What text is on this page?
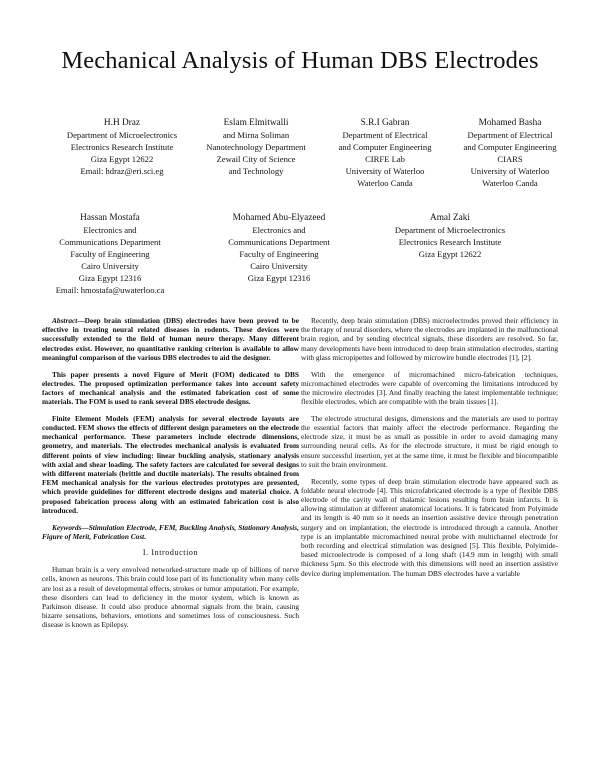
Mechanical Analysis of Human DBS Electrodes
H.H Draz
Department of Microelectronics
Electronics Research Institute
Giza Egypt 12622
Email: hdraz@eri.sci.eg
Eslam Elmitwalli
and Mirna Soliman
Nanotechnology Department
Zewail City of Science
and Technology
S.R.I Gabran
Department of Electrical
and Computer Engineering
CIRFE Lab
University of Waterloo
Waterloo Canda
Mohamed Basha
Department of Electrical
and Computer Engineering
CIARS
University of Waterloo
Waterloo Canda
Hassan Mostafa
Electronics and
Communications Department
Faculty of Engineering
Cairo University
Giza Egypt 12316
Email: hmostafa@uwaterloo.ca
Mohamed Abu-Elyazeed
Electronics and
Communications Department
Faculty of Engineering
Cairo University
Giza Egypt 12316
Amal Zaki
Department of Microelectronics
Electronics Research Institute
Giza Egypt 12622

Abstract—Deep brain stimulation (DBS) electrodes have been proved to be effective in treating neural related diseases in rodents. These devices were successfully extended to the field of human neuro therapy. Many different electrodes exist. However, no quantitative ranking criterion is available to allow meaningful comparison of the various DBS electrodes to aid the designer.

This paper presents a novel Figure of Merit (FOM) dedicated to DBS electrodes. The proposed optimization performance takes into account safety factors of mechanical analysis and the estimated fabrication cost of some materials. The FOM is used to rank several DBS electrode designs.

Finite Element Models (FEM) analysis for several electrode layouts are conducted. FEM shows the effects of different design parameters on the electrode mechanical performance. These parameters include electrode dimensions, geometry, and materials. The electrodes mechanical analysis is evaluated from different points of view including: linear buckling analysis, stationary analysis with axial and shear loading. The safety factors are calculated for several designs with different materials (brittle and ductile materials). The results obtained from FEM mechanical analysis for the various electrodes prototypes are presented, which provide guidelines for different electrode designs and material choice. A proposed fabrication process along with an estimated fabrication cost is also introduced.

Keywords—Stimulation Electrode, FEM, Buckling Analysis, Stationary Analysis, Figure of Merit, Fabrication Cost.

I. Introduction

Human brain is a very envolved networked-structure made up of billions of nerve cells, known as neurons. This brain could lose part of its functionality when many cells are lost as a result of developmental effects, strokes or tumor amputation. For example, these disorders can lead to deficiency in the motor system, which is known as Parkinson disease. It could also produce abnormal signals from the brain, causing bizarre sensations, behaviors, emotions and sometimes loss of consciousness. Such disease is known as Epilepsy.

Recently, deep brain stimulation (DBS) microelectrodes proved their efficiency in the therapy of neural disorders, where the electrodes are implanted in the malfunctional brain region, and by sending electrical signals, these disorders are resolved. So far, many developments have been introduced to deep brain stimulation electrodes, starting with glass micropipettes and followed by microwire bundle electrodes [1], [2].

With the emergence of micromachined micro-fabrication techniques, micromachined electrodes were capable of overcoming the limitations introduced by the microwire electrodes [3]. And finally reaching the latest implementable technique; flexible electrodes, which are compatible with the brain tissues [1].

The electrode structural designs, dimensions and the materials are used to portray the essential factors that mainly affect the electrode performance. Regarding the electrode size, it must be as small as possible in order to avoid damaging many surrounding neural cells. As for the electrode structure, it must be rigid enough to ensure successful insertion, yet at the same time, it must be flexible and biocompatible to suit the brain environment.

Recently, some types of deep brain stimulation electrode have appeared such as foldable neural electrode [4]. This microfabricated electrode is a type of flexible DBS electrode of the cavity wall of thalamic lesions resulting from brain infarcts. It is allowing stimulation at different anatomical locations. It is fabricated from Polyimide and its length is 40 mm so it needs an insertion assistive device through penetration surgery and on implantation, the electrode is introduced through a cannula. Another type is an implantable micromachined neural probe with multichannel electrode for both recording and electrical stimulation was designed [5]. This flexible, Polyimide-based microelectrode is composed of a long shaft (14.9 mm in length) with small thickness 5μm. So this electrode with this dimensions will need an insertion assistive device during implementation. The human DBS electrodes have a variable
